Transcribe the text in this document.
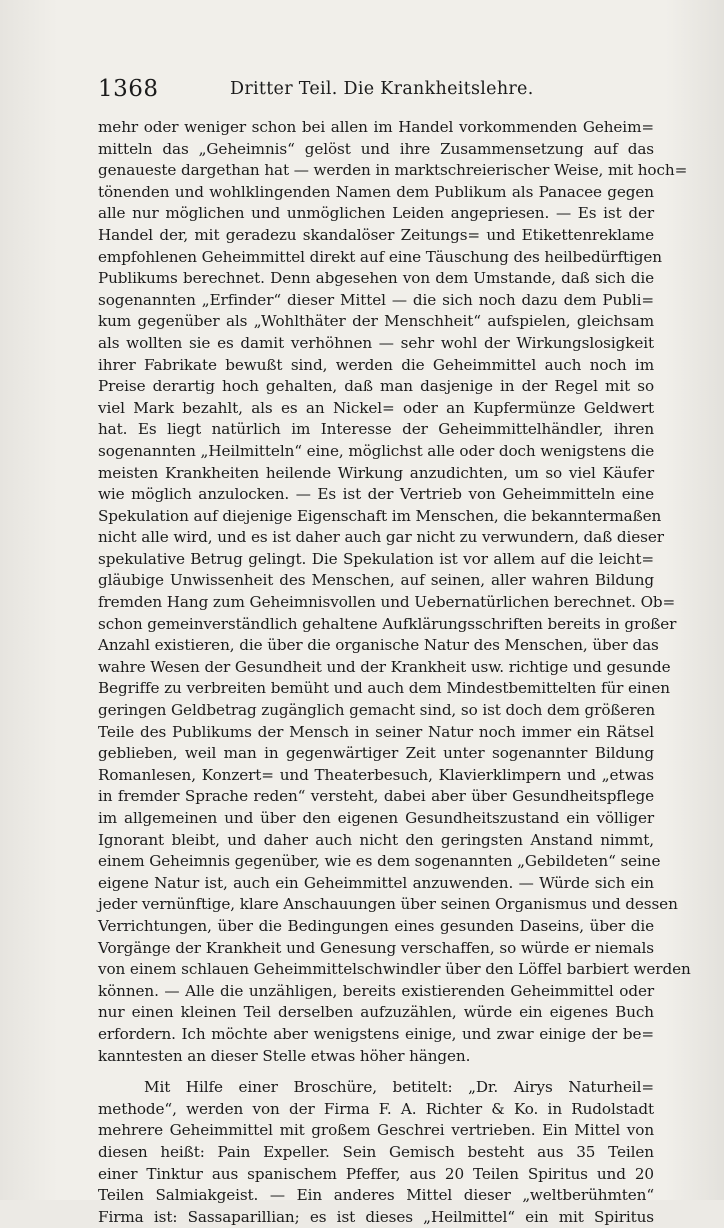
1368	Dritter Teil. Die Krankheitslehre.
mehr oder weniger schon bei allen im Handel vorkommenden Geheim=
mitteln das „Geheimnis“ gelöst und ihre Zusammensetzung auf das
genaueste dargethan hat — werden in marktschreierischer Weise, mit hoch=
tönenden und wohlklingenden Namen dem Publikum als Panacee gegen
alle nur möglichen und unmöglichen Leiden angepriesen. — Es ist der
Handel der, mit geradezu skandalöser Zeitungs= und Etikettenreklame
empfohlenen Geheimmittel direkt auf eine Täuschung des heilbedürftigen
Publikums berechnet. Denn abgesehen von dem Umstande, daß sich die
sogenannten „Erfinder“ dieser Mittel — die sich noch dazu dem Publi=
kum gegenüber als „Wohlthäter der Menschheit“ aufspielen, gleichsam
als wollten sie es damit verhöhnen — sehr wohl der Wirkungslosigkeit
ihrer Fabrikate bewußt sind, werden die Geheimmittel auch noch im
Preise derartig hoch gehalten, daß man dasjenige in der Regel mit so
viel Mark bezahlt, als es an Nickel= oder an Kupfermünze Geldwert
hat. Es liegt natürlich im Interesse der Geheimmittelhändler, ihren
sogenannten „Heilmitteln“ eine, möglichst alle oder doch wenigstens die
meisten Krankheiten heilende Wirkung anzudichten, um so viel Käufer
wie möglich anzulocken. — Es ist der Vertrieb von Geheimmitteln eine
Spekulation auf diejenige Eigenschaft im Menschen, die bekanntermaßen
nicht alle wird, und es ist daher auch gar nicht zu verwundern, daß dieser
spekulative Betrug gelingt. Die Spekulation ist vor allem auf die leicht=
gläubige Unwissenheit des Menschen, auf seinen, aller wahren Bildung
fremden Hang zum Geheimnisvollen und Uebernatürlichen berechnet. Ob=
schon gemeinverständlich gehaltene Aufklärungsschriften bereits in großer
Anzahl existieren, die über die organische Natur des Menschen, über das
wahre Wesen der Gesundheit und der Krankheit usw. richtige und gesunde
Begriffe zu verbreiten bemüht und auch dem Mindestbemittelten für einen
geringen Geldbetrag zugänglich gemacht sind, so ist doch dem größeren
Teile des Publikums der Mensch in seiner Natur noch immer ein Rätsel
geblieben, weil man in gegenwärtiger Zeit unter sogenannter Bildung
Romanlesen, Konzert= und Theaterbesuch, Klavierklimpern und „etwas
in fremder Sprache reden“ versteht, dabei aber über Gesundheitspflege
im allgemeinen und über den eigenen Gesundheitszustand ein völliger
Ignorant bleibt, und daher auch nicht den geringsten Anstand nimmt,
einem Geheimnis gegenüber, wie es dem sogenannten „Gebildeten“ seine
eigene Natur ist, auch ein Geheimmittel anzuwenden. — Würde sich ein
jeder vernünftige, klare Anschauungen über seinen Organismus und dessen
Verrichtungen, über die Bedingungen eines gesunden Daseins, über die
Vorgänge der Krankheit und Genesung verschaffen, so würde er niemals
von einem schlauen Geheimmittelschwindler über den Löffel barbiert werden
können. — Alle die unzähligen, bereits existierenden Geheimmittel oder
nur einen kleinen Teil derselben aufzuzählen, würde ein eigenes Buch
erfordern. Ich möchte aber wenigstens einige, und zwar einige der be=
kanntesten an dieser Stelle etwas höher hängen.
Mit Hilfe einer Broschüre, betitelt: „Dr. Airys Naturheil=
methode“, werden von der Firma F. A. Richter & Ko. in Rudolstadt
mehrere Geheimmittel mit großem Geschrei vertrieben. Ein Mittel von
diesen heißt: Pain Expeller. Sein Gemisch besteht aus 35 Teilen
einer Tinktur aus spanischem Pfeffer, aus 20 Teilen Spiritus und 20
Teilen Salmiakgeist. — Ein anderes Mittel dieser „weltberühmten“
Firma ist: Sassaparillian; es ist dieses „Heilmittel“ ein mit Spiritus
